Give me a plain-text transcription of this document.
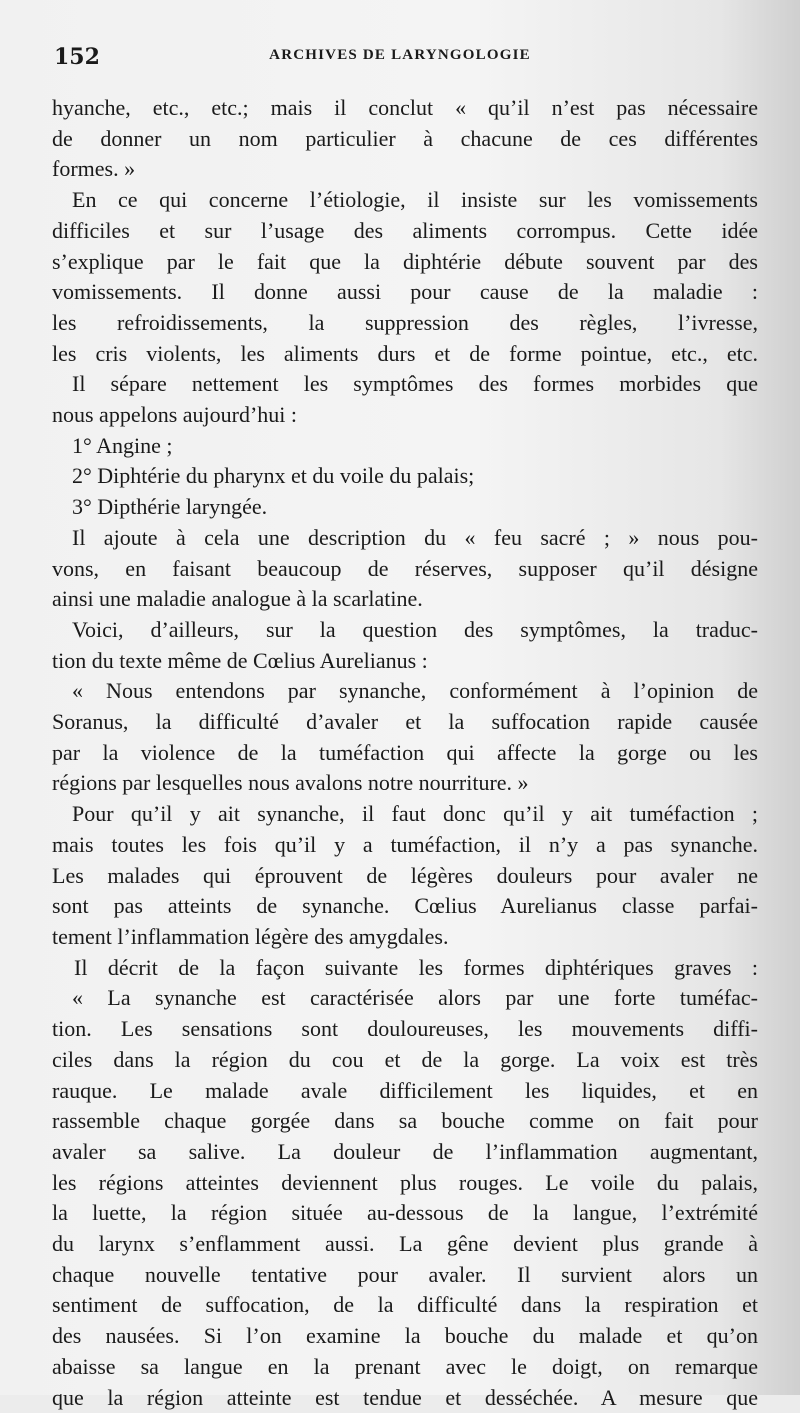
152	ARCHIVES DE LARYNGOLOGIE
hyanche, etc., etc.; mais il conclut « qu’il n’est pas nécessaire
de donner un nom particulier à chacune de ces différentes
formes. »
En ce qui concerne l’étiologie, il insiste sur les vomissements
difficiles et sur l’usage des aliments corrompus. Cette idée
s’explique par le fait que la diphtérie débute souvent par des
vomissements. Il donne aussi pour cause de la maladie :
les refroidissements, la suppression des règles, l’ivresse,
les cris violents, les aliments durs et de forme pointue, etc., etc.
Il sépare nettement les symptômes des formes morbides que
nous appelons aujourd’hui :
1° Angine ;
2° Diphtérie du pharynx et du voile du palais;
3° Dipthérie laryngée.
Il ajoute à cela une description du « feu sacré ; » nous pou-
vons, en faisant beaucoup de réserves, supposer qu’il désigne
ainsi une maladie analogue à la scarlatine.
Voici, d’ailleurs, sur la question des symptômes, la traduc-
tion du texte même de Cœlius Aurelianus :
« Nous entendons par synanche, conformément à l’opinion de
Soranus, la difficulté d’avaler et la suffocation rapide causée
par la violence de la tuméfaction qui affecte la gorge ou les
régions par lesquelles nous avalons notre nourriture. »
Pour qu’il y ait synanche, il faut donc qu’il y ait tuméfaction ;
mais toutes les fois qu’il y a tuméfaction, il n’y a pas synanche.
Les malades qui éprouvent de légères douleurs pour avaler ne
sont pas atteints de synanche. Cœlius Aurelianus classe parfai-
tement l’inflammation légère des amygdales.
Il décrit de la façon suivante les formes diphtériques graves :
« La synanche est caractérisée alors par une forte tuméfac-
tion. Les sensations sont douloureuses, les mouvements diffi-
ciles dans la région du cou et de la gorge. La voix est très
rauque. Le malade avale difficilement les liquides, et en
rassemble chaque gorgée dans sa bouche comme on fait pour
avaler sa salive. La douleur de l’inflammation augmentant,
les régions atteintes deviennent plus rouges. Le voile du palais,
la luette, la région située au-dessous de la langue, l’extrémité
du larynx s’enflamment aussi. La gêne devient plus grande à
chaque nouvelle tentative pour avaler. Il survient alors un
sentiment de suffocation, de la difficulté dans la respiration et
des nausées. Si l’on examine la bouche du malade et qu’on
abaisse sa langue en la prenant avec le doigt, on remarque
que la région atteinte est tendue et desséchée. A mesure que
